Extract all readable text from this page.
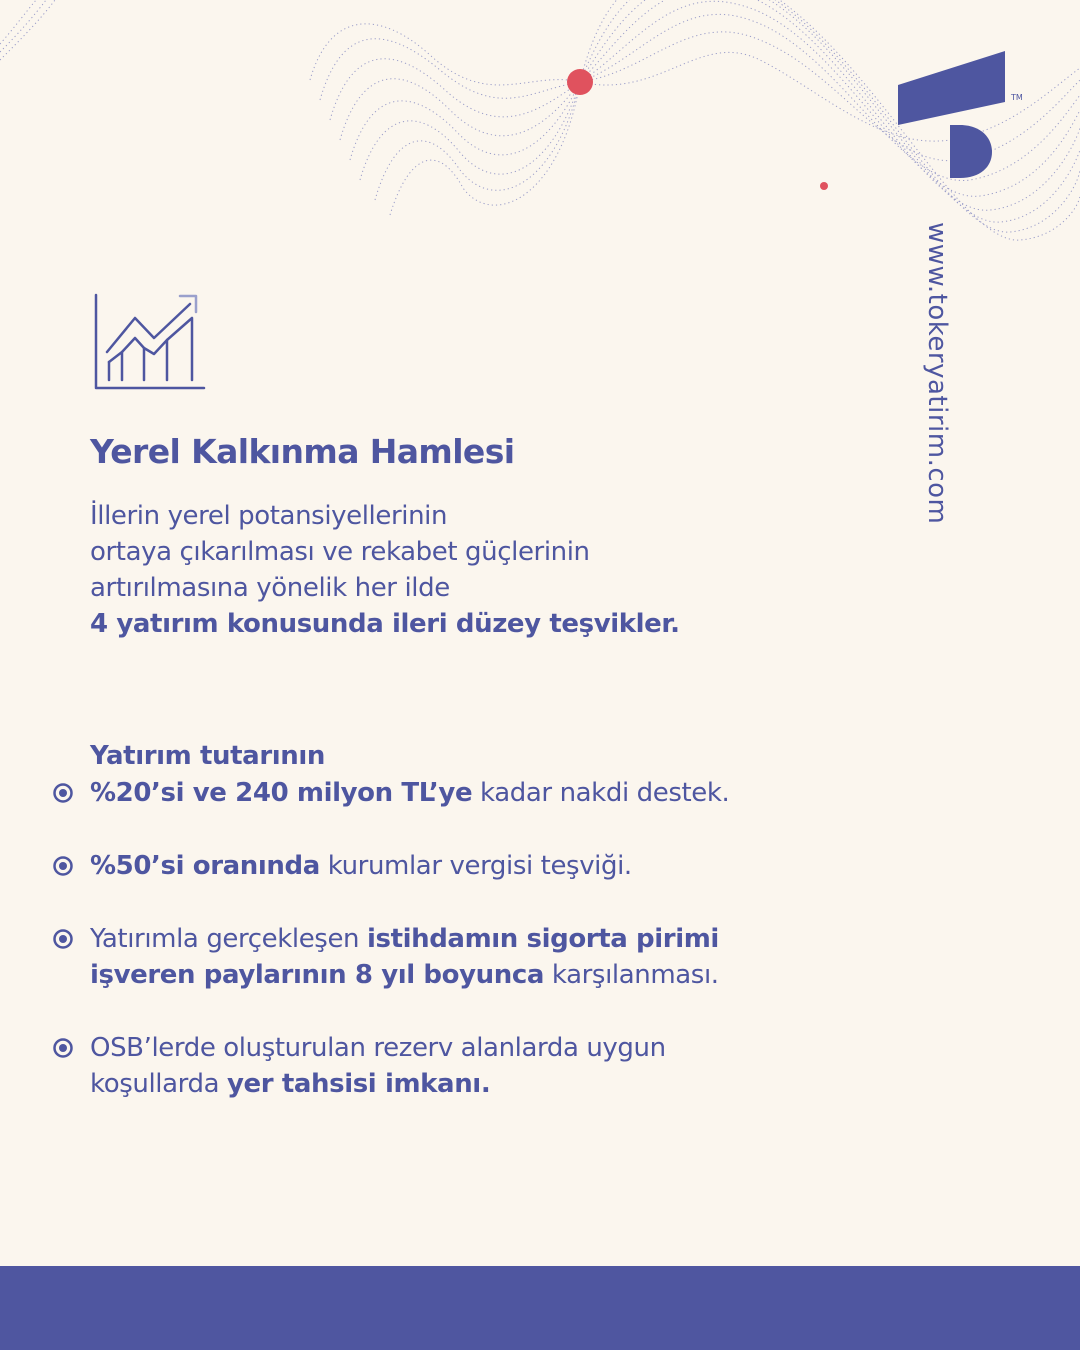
TM
www.tokeryatirim.com
Yerel Kalkınma Hamlesi

İllerin yerel potansiyellerinin
ortaya çıkarılması ve rekabet güçlerinin
artırılmasına yönelik her ilde
4 yatırım konusunda ileri düzey teşvikler.

Yatırım tutarının

%20’si ve 240 milyon TL’ye kadar nakdi destek.
%50’si oranında kurumlar vergisi teşviği.
Yatırımla gerçekleşen istihdamın sigorta pirimi
işveren paylarının 8 yıl boyunca karşılanması.
OSB’lerde oluşturulan rezerv alanlarda uygun
koşullarda yer tahsisi imkanı.
